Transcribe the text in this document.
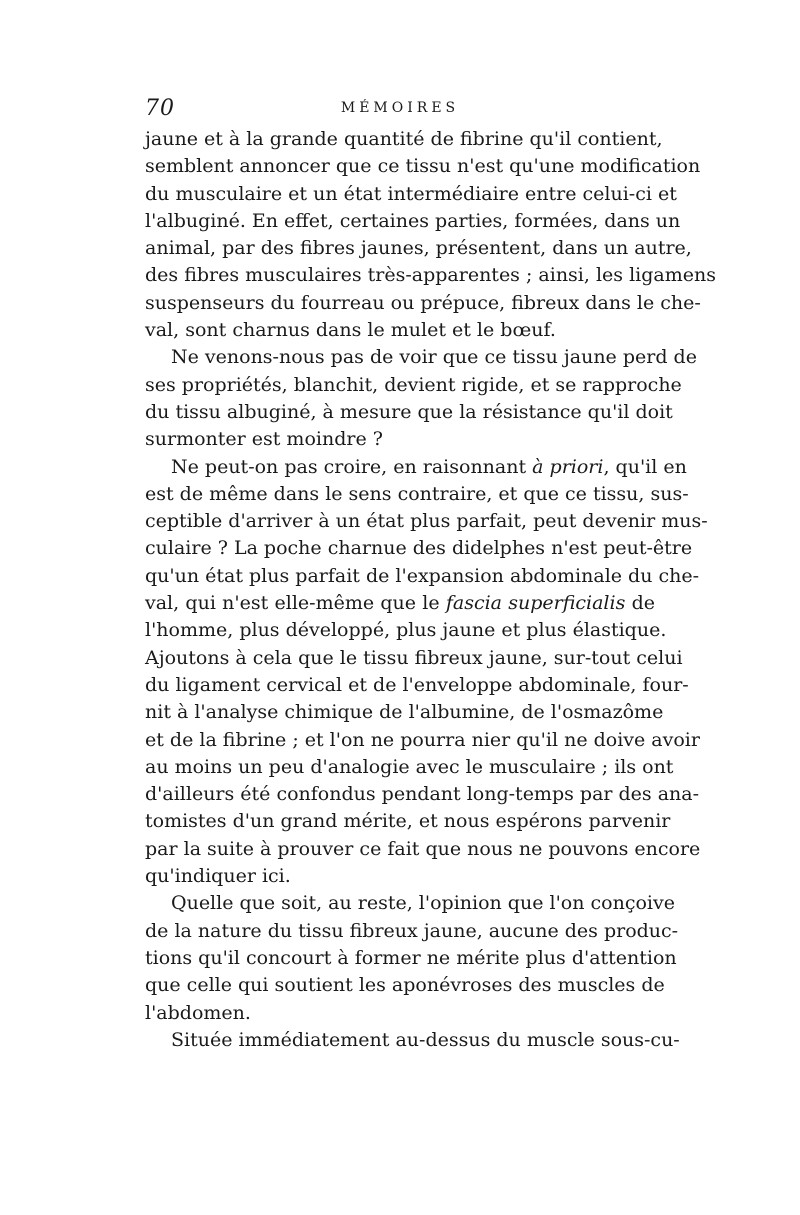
70	MÉMOIRES
jaune et à la grande quantité de fibrine qu'il contient,
semblent annoncer que ce tissu n'est qu'une modification
du musculaire et un état intermédiaire entre celui-ci et
l'albuginé. En effet, certaines parties, formées, dans un
animal, par des fibres jaunes, présentent, dans un autre,
des fibres musculaires très-apparentes ; ainsi, les ligamens
suspenseurs du fourreau ou prépuce, fibreux dans le che-
val, sont charnus dans le mulet et le bœuf.
Ne venons-nous pas de voir que ce tissu jaune perd de
ses propriétés, blanchit, devient rigide, et se rapproche
du tissu albuginé, à mesure que la résistance qu'il doit
surmonter est moindre ?
Ne peut-on pas croire, en raisonnant à priori, qu'il en
est de même dans le sens contraire, et que ce tissu, sus-
ceptible d'arriver à un état plus parfait, peut devenir mus-
culaire ? La poche charnue des didelphes n'est peut-être
qu'un état plus parfait de l'expansion abdominale du che-
val, qui n'est elle-même que le fascia superficialis de
l'homme, plus développé, plus jaune et plus élastique.
Ajoutons à cela que le tissu fibreux jaune, sur-tout celui
du ligament cervical et de l'enveloppe abdominale, four-
nit à l'analyse chimique de l'albumine, de l'osmazôme
et de la fibrine ; et l'on ne pourra nier qu'il ne doive avoir
au moins un peu d'analogie avec le musculaire ; ils ont
d'ailleurs été confondus pendant long-temps par des ana-
tomistes d'un grand mérite, et nous espérons parvenir
par la suite à prouver ce fait que nous ne pouvons encore
qu'indiquer ici.
Quelle que soit, au reste, l'opinion que l'on conçoive
de la nature du tissu fibreux jaune, aucune des produc-
tions qu'il concourt à former ne mérite plus d'attention
que celle qui soutient les aponévroses des muscles de
l'abdomen.
Située immédiatement au-dessus du muscle sous-cu-
